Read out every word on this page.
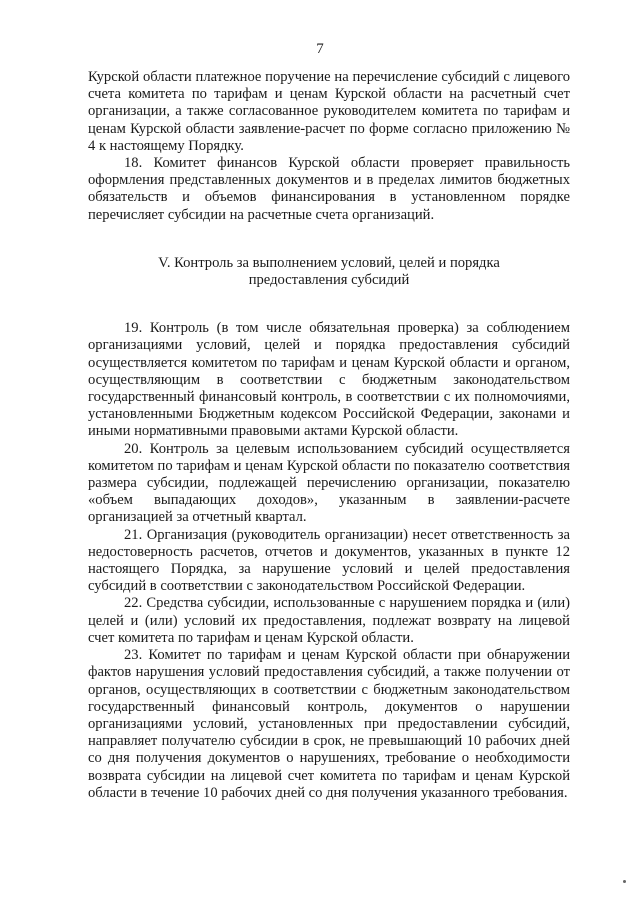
7

Курской области платежное поручение на перечисление субсидий с лицевого счета комитета по тарифам и ценам Курской области на расчетный счет организации, а также согласованное руководителем комитета по тарифам и ценам Курской области заявление-расчет по форме согласно приложению № 4 к настоящему Порядку.

18. Комитет финансов Курской области проверяет правильность оформления представленных документов и в пределах лимитов бюджетных обязательств и объемов финансирования в установленном порядке перечисляет субсидии на расчетные счета организаций.

V. Контроль за выполнением условий, целей и порядка
предоставления субсидий

19. Контроль (в том числе обязательная проверка) за соблюдением организациями условий, целей и порядка предоставления субсидий осуществляется комитетом по тарифам и ценам Курской области и органом, осуществляющим в соответствии с бюджетным законодательством государственный финансовый контроль, в соответствии с их полномочиями, установленными Бюджетным кодексом Российской Федерации, законами и иными нормативными правовыми актами Курской области.

20. Контроль за целевым использованием субсидий осуществляется комитетом по тарифам и ценам Курской области по показателю соответствия размера субсидии, подлежащей перечислению организации, показателю «объем выпадающих доходов», указанным в заявлении-расчете организацией за отчетный квартал.

21. Организация (руководитель организации) несет ответственность за недостоверность расчетов, отчетов и документов, указанных в пункте 12 настоящего Порядка, за нарушение условий и целей предоставления субсидий в соответствии с законодательством Российской Федерации.

22. Средства субсидии, использованные с нарушением порядка и (или) целей и (или) условий их предоставления, подлежат возврату на лицевой счет комитета по тарифам и ценам Курской области.

23. Комитет по тарифам и ценам Курской области при обнаружении фактов нарушения условий предоставления субсидий, а также получении от органов, осуществляющих в соответствии с бюджетным законодательством государственный финансовый контроль, документов о нарушении организациями условий, установленных при предоставлении субсидий, направляет получателю субсидии в срок, не превышающий 10 рабочих дней со дня получения документов о нарушениях, требование о необходимости возврата субсидии на лицевой счет комитета по тарифам и ценам Курской области в течение 10 рабочих дней со дня получения указанного требования.
